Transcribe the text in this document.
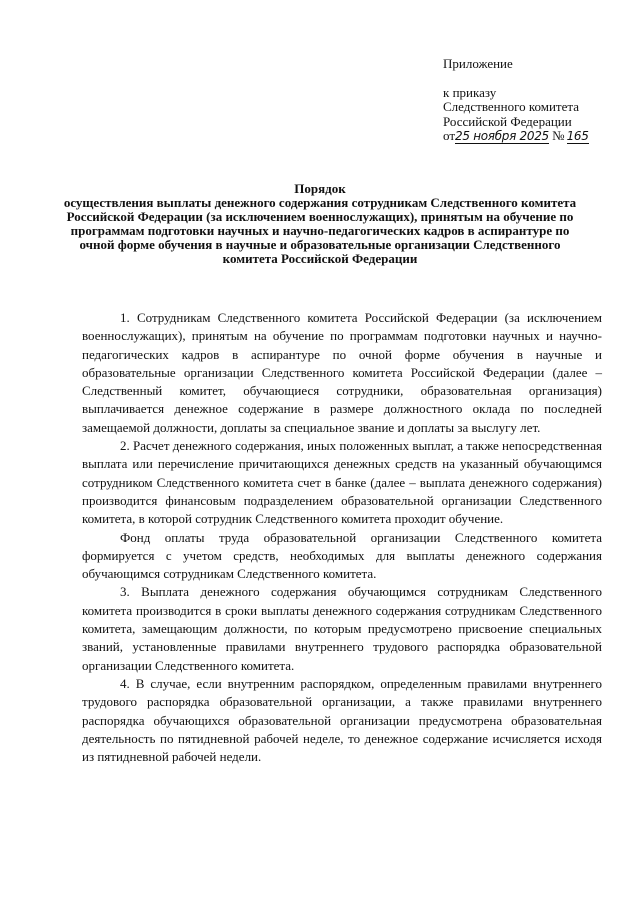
Приложение
к приказу
Следственного комитета
Российской Федерации
от25 ноября 2025 № 165
Порядок
осуществления выплаты денежного содержания сотрудникам Следственного комитета Российской Федерации (за исключением военнослужащих), принятым на обучение по программам подготовки научных и научно-педагогических кадров в аспирантуре по очной форме обучения в научные и образовательные организации Следственного комитета Российской Федерации

1. Сотрудникам Следственного комитета Российской Федерации (за исключением военнослужащих), принятым на обучение по программам подготовки научных и научно-педагогических кадров в аспирантуре по очной форме обучения в научные и образовательные организации Следственного комитета Российской Федерации (далее – Следственный комитет, обучающиеся сотрудники, образовательная организация) выплачивается денежное содержание в размере должностного оклада по последней замещаемой должности, доплаты за специальное звание и доплаты за выслугу лет.

2. Расчет денежного содержания, иных положенных выплат, а также непосредственная выплата или перечисление причитающихся денежных средств на указанный обучающимся сотрудником Следственного комитета счет в банке (далее – выплата денежного содержания) производится финансовым подразделением образовательной организации Следственного комитета, в которой сотрудник Следственного комитета проходит обучение.

Фонд оплаты труда образовательной организации Следственного комитета формируется с учетом средств, необходимых для выплаты денежного содержания обучающимся сотрудникам Следственного комитета.

3. Выплата денежного содержания обучающимся сотрудникам Следственного комитета производится в сроки выплаты денежного содержания сотрудникам Следственного комитета, замещающим должности, по которым предусмотрено присвоение специальных званий, установленные правилами внутреннего трудового распорядка образовательной организации Следственного комитета.

4. В случае, если внутренним распорядком, определенным правилами внутреннего трудового распорядка образовательной организации, а также правилами внутреннего распорядка обучающихся образовательной организации предусмотрена образовательная деятельность по пятидневной рабочей неделе, то денежное содержание исчисляется исходя из пятидневной рабочей недели.
